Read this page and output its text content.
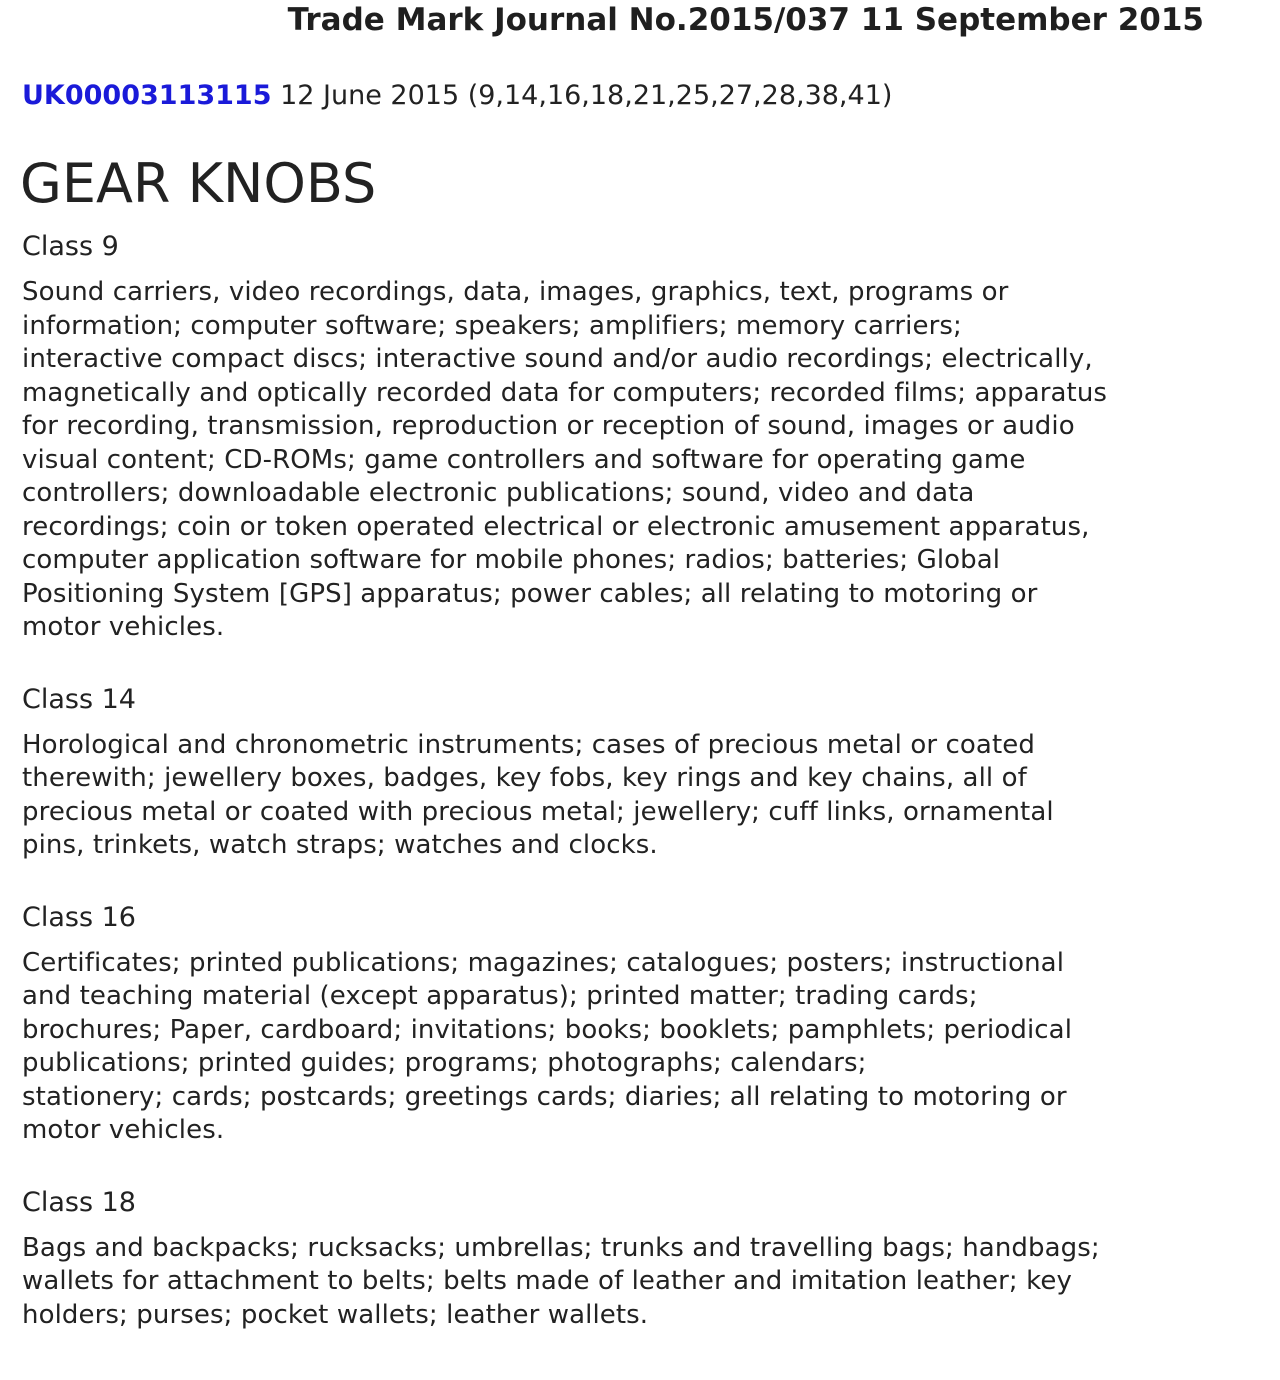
Trade Mark Journal No.2015/037 11 September 2015
UK00003113115 12 June 2015 (9,14,16,18,21,25,27,28,38,41)
GEAR KNOBS
Class 9
Sound carriers, video recordings, data, images, graphics, text, programs or
information; computer software; speakers; amplifiers; memory carriers;
interactive compact discs; interactive sound and/or audio recordings; electrically,
magnetically and optically recorded data for computers; recorded films; apparatus
for recording, transmission, reproduction or reception of sound, images or audio
visual content; CD-ROMs; game controllers and software for operating game
controllers; downloadable electronic publications; sound, video and data
recordings; coin or token operated electrical or electronic amusement apparatus,
computer application software for mobile phones; radios; batteries; Global
Positioning System [GPS] apparatus; power cables; all relating to motoring or
motor vehicles.
Class 14
Horological and chronometric instruments; cases of precious metal or coated
therewith; jewellery boxes, badges, key fobs, key rings and key chains, all of
precious metal or coated with precious metal; jewellery; cuff links, ornamental
pins, trinkets, watch straps; watches and clocks.
Class 16
Certificates; printed publications; magazines; catalogues; posters; instructional
and teaching material (except apparatus); printed matter; trading cards;
brochures; Paper, cardboard; invitations; books; booklets; pamphlets; periodical
publications; printed guides; programs; photographs; calendars;
stationery; cards; postcards; greetings cards; diaries; all relating to motoring or
motor vehicles.
Class 18
Bags and backpacks; rucksacks; umbrellas; trunks and travelling bags; handbags;
wallets for attachment to belts; belts made of leather and imitation leather; key
holders; purses; pocket wallets; leather wallets.
